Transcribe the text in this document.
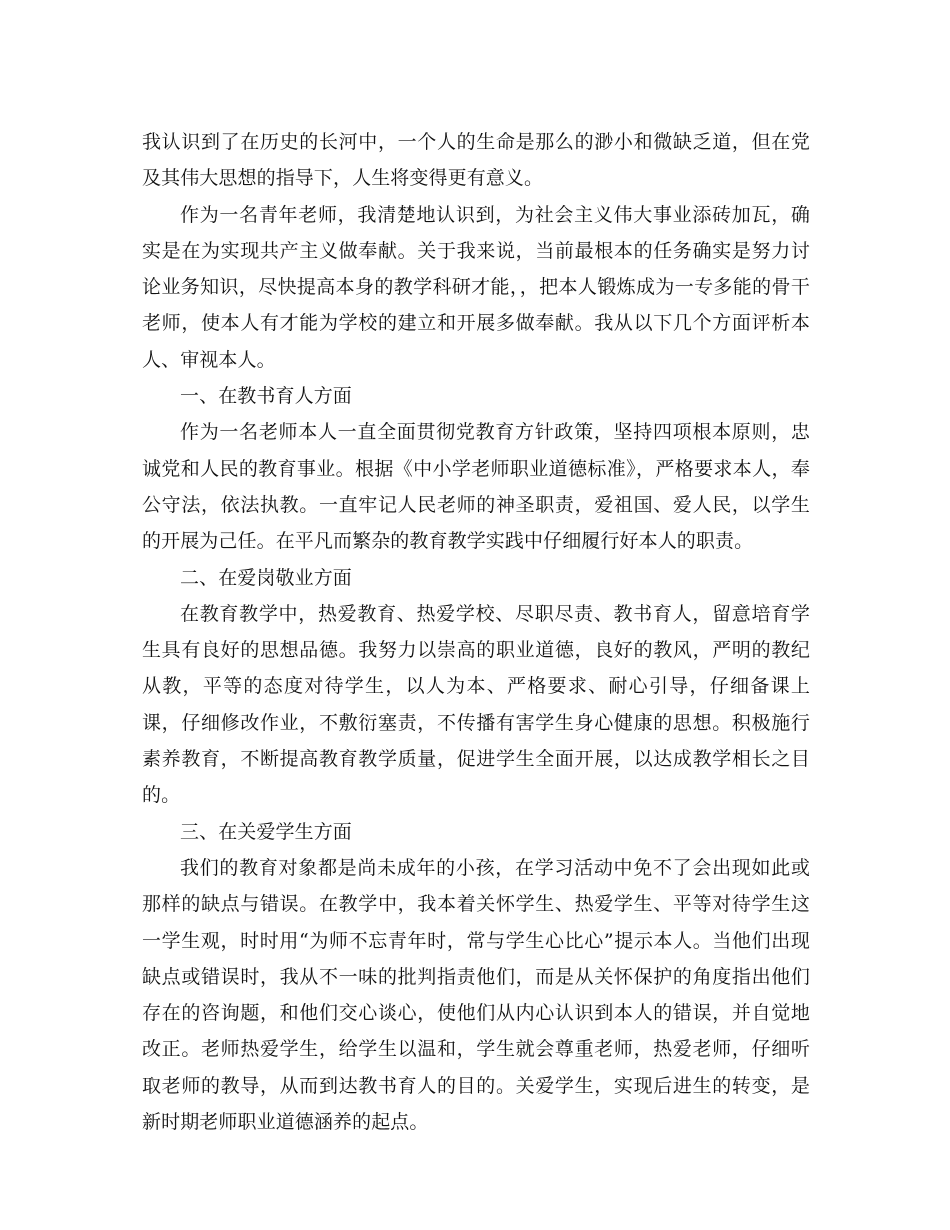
我认识到了在历史的长河中，一个人的生命是那么的渺小和微缺乏道，但在党及其伟大思想的指导下，人生将变得更有意义。

作为一名青年老师，我清楚地认识到，为社会主义伟大事业添砖加瓦，确实是在为实现共产主义做奉献。关于我来说，当前最根本的任务确实是努力讨论业务知识，尽快提高本身的教学科研才能，，把本人锻炼成为一专多能的骨干老师，使本人有才能为学校的建立和开展多做奉献。我从以下几个方面评析本人、审视本人。

一、在教书育人方面

作为一名老师本人一直全面贯彻党教育方针政策，坚持四项根本原则，忠诚党和人民的教育事业。根据《中小学老师职业道德标准》，严格要求本人，奉公守法，依法执教。一直牢记人民老师的神圣职责，爱祖国、爱人民，以学生的开展为己任。在平凡而繁杂的教育教学实践中仔细履行好本人的职责。

二、在爱岗敬业方面

在教育教学中，热爱教育、热爱学校、尽职尽责、教书育人，留意培育学生具有良好的思想品德。我努力以崇高的职业道德，良好的教风，严明的教纪从教，平等的态度对待学生，以人为本、严格要求、耐心引导，仔细备课上课，仔细修改作业，不敷衍塞责，不传播有害学生身心健康的思想。积极施行素养教育，不断提高教育教学质量，促进学生全面开展，以达成教学相长之目的。

三、在关爱学生方面

我们的教育对象都是尚未成年的小孩，在学习活动中免不了会出现如此或那样的缺点与错误。在教学中，我本着关怀学生、热爱学生、平等对待学生这一学生观，时时用“为师不忘青年时，常与学生心比心”提示本人。当他们出现缺点或错误时，我从不一味的批判指责他们，而是从关怀保护的角度指出他们存在的咨询题，和他们交心谈心，使他们从内心认识到本人的错误，并自觉地改正。老师热爱学生，给学生以温和，学生就会尊重老师，热爱老师，仔细听取老师的教导，从而到达教书育人的目的。关爱学生，实现后进生的转变，是新时期老师职业道德涵养的起点。
